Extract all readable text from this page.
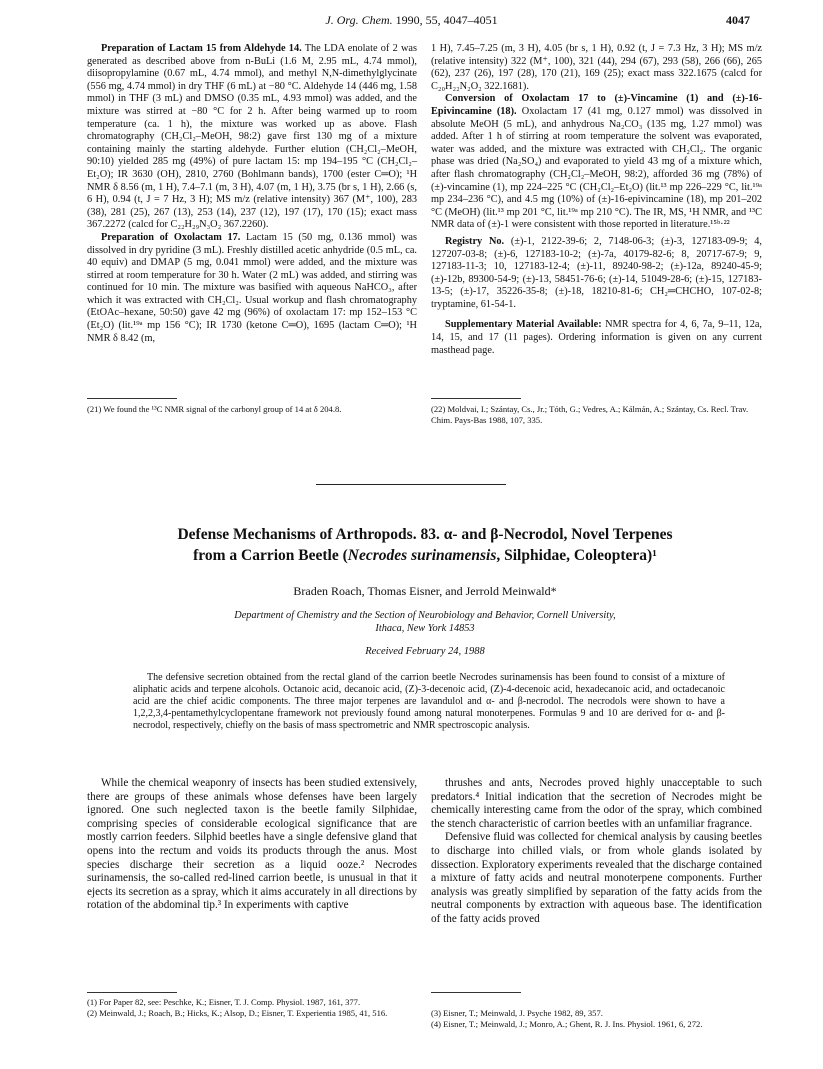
J. Org. Chem. 1990, 55, 4047–4051	4047

Preparation of Lactam 15 from Aldehyde 14. The LDA enolate of 2 was generated as described above from n-BuLi (1.6 M, 2.95 mL, 4.74 mmol), diisopropylamine (0.67 mL, 4.74 mmol), and methyl N,N-dimethylglycinate (556 mg, 4.74 mmol) in dry THF (6 mL) at −80 °C. Aldehyde 14 (446 mg, 1.58 mmol) in THF (3 mL) and DMSO (0.35 mL, 4.93 mmol) was added, and the mixture was stirred at −80 °C for 2 h. After being warmed up to room temperature (ca. 1 h), the mixture was worked up as above. Flash chromatography (CH₂Cl₂–MeOH, 98:2) gave first 130 mg of a mixture containing mainly the starting aldehyde. Further elution (CH₂Cl₂–MeOH, 90:10) yielded 285 mg (49%) of pure lactam 15: mp 194–195 °C (CH₂Cl₂–Et₂O); IR 3630 (OH), 2810, 2760 (Bohlmann bands), 1700 (ester C═O); ¹H NMR δ 8.56 (m, 1 H), 7.4–7.1 (m, 3 H), 4.07 (m, 1 H), 3.75 (br s, 1 H), 2.66 (s, 6 H), 0.94 (t, J = 7 Hz, 3 H); MS m/z (relative intensity) 367 (M⁺, 100), 283 (38), 281 (25), 267 (13), 253 (14), 237 (12), 197 (17), 170 (15); exact mass 367.2272 (calcd for C₂₂H₂₉N₃O₂ 367.2260).

Preparation of Oxolactam 17. Lactam 15 (50 mg, 0.136 mmol) was dissolved in dry pyridine (3 mL). Freshly distilled acetic anhydride (0.5 mL, ca. 40 equiv) and DMAP (5 mg, 0.041 mmol) were added, and the mixture was stirred at room temperature for 30 h. Water (2 mL) was added, and stirring was continued for 10 min. The mixture was basified with aqueous NaHCO₃, after which it was extracted with CH₂Cl₂. Usual workup and flash chromatography (EtOAc–hexane, 50:50) gave 42 mg (96%) of oxolactam 17: mp 152–153 °C (Et₂O) (lit.¹⁹ᵃ mp 156 °C); IR 1730 (ketone C═O), 1695 (lactam C═O); ¹H NMR δ 8.42 (m,

1 H), 7.45–7.25 (m, 3 H), 4.05 (br s, 1 H), 0.92 (t, J = 7.3 Hz, 3 H); MS m/z (relative intensity) 322 (M⁺, 100), 321 (44), 294 (67), 293 (58), 266 (66), 265 (62), 237 (26), 197 (28), 170 (21), 169 (25); exact mass 322.1675 (calcd for C₂₀H₂₂N₂O₂ 322.1681).

Conversion of Oxolactam 17 to (±)-Vincamine (1) and (±)-16-Epivincamine (18). Oxolactam 17 (41 mg, 0.127 mmol) was dissolved in absolute MeOH (5 mL), and anhydrous Na₂CO₃ (135 mg, 1.27 mmol) was added. After 1 h of stirring at room temperature the solvent was evaporated, water was added, and the mixture was extracted with CH₂Cl₂. The organic phase was dried (Na₂SO₄) and evaporated to yield 43 mg of a mixture which, after flash chromatography (CH₂Cl₂–MeOH, 98:2), afforded 36 mg (78%) of (±)-vincamine (1), mp 224–225 °C (CH₂Cl₂–Et₂O) (lit.¹³ mp 226–229 °C, lit.¹⁹ᵃ mp 234–236 °C), and 4.5 mg (10%) of (±)-16-epivincamine (18), mp 201–202 °C (MeOH) (lit.¹³ mp 201 °C, lit.¹⁹ᵃ mp 210 °C). The IR, MS, ¹H NMR, and ¹³C NMR data of (±)-1 were consistent with those reported in literature.¹⁵ᵇ·²²

Registry No. (±)-1, 2122-39-6; 2, 7148-06-3; (±)-3, 127183-09-9; 4, 127207-03-8; (±)-6, 127183-10-2; (±)-7a, 40179-82-6; 8, 20717-67-9; 9, 127183-11-3; 10, 127183-12-4; (±)-11, 89240-98-2; (±)-12a, 89240-45-9; (±)-12b, 89300-54-9; (±)-13, 58451-76-6; (±)-14, 51049-28-6; (±)-15, 127183-13-5; (±)-17, 35226-35-8; (±)-18, 18210-81-6; CH₂═CHCHO, 107-02-8; tryptamine, 61-54-1.

Supplementary Material Available: NMR spectra for 4, 6, 7a, 9–11, 12a, 14, 15, and 17 (11 pages). Ordering information is given on any current masthead page.

(21) We found the ¹³C NMR signal of the carbonyl group of 14 at δ 204.8.	(22) Moldvai, I.; Szántay, Cs., Jr.; Tóth, G.; Vedres, A.; Kálmán, A.; Szántay, Cs. Recl. Trav. Chim. Pays-Bas 1988, 107, 335.

Defense Mechanisms of Arthropods. 83. α- and β-Necrodol, Novel Terpenes
from a Carrion Beetle (Necrodes surinamensis, Silphidae, Coleoptera)¹
Braden Roach, Thomas Eisner, and Jerrold Meinwald*
Department of Chemistry and the Section of Neurobiology and Behavior, Cornell University,
Ithaca, New York 14853
Received February 24, 1988

The defensive secretion obtained from the rectal gland of the carrion beetle Necrodes surinamensis has been found to consist of a mixture of aliphatic acids and terpene alcohols. Octanoic acid, decanoic acid, (Z)-3-decenoic acid, (Z)-4-decenoic acid, hexadecanoic acid, and octadecanoic acid are the chief acidic components. The three major terpenes are lavandulol and α- and β-necrodol. The necrodols were shown to have a 1,2,2,3,4-pentamethylcyclopentane framework not previously found among natural monoterpenes. Formulas 9 and 10 are derived for α- and β-necrodol, respectively, chiefly on the basis of mass spectrometric and NMR spectroscopic analysis.

While the chemical weaponry of insects has been studied extensively, there are groups of these animals whose defenses have been largely ignored. One such neglected taxon is the beetle family Silphidae, comprising species of considerable ecological significance that are mostly carrion feeders. Silphid beetles have a single defensive gland that opens into the rectum and voids its products through the anus. Most species discharge their secretion as a liquid ooze.² Necrodes surinamensis, the so-called red-lined carrion beetle, is unusual in that it ejects its secretion as a spray, which it aims accurately in all directions by rotation of the abdominal tip.³ In experiments with captive

thrushes and ants, Necrodes proved highly unacceptable to such predators.⁴ Initial indication that the secretion of Necrodes might be chemically interesting came from the odor of the spray, which combined the stench characteristic of carrion beetles with an unfamiliar fragrance.

Defensive fluid was collected for chemical analysis by causing beetles to discharge into chilled vials, or from whole glands isolated by dissection. Exploratory experiments revealed that the discharge contained a mixture of fatty acids and neutral monoterpene components. Further analysis was greatly simplified by separation of the fatty acids from the neutral components by extraction with aqueous base. The identification of the fatty acids proved

(1) For Paper 82, see: Peschke, K.; Eisner, T. J. Comp. Physiol. 1987, 161, 377.

(2) Meinwald, J.; Roach, B.; Hicks, K.; Alsop, D.; Eisner, T. Experientia 1985, 41, 516.	(3) Eisner, T.; Meinwald, J. Psyche 1982, 89, 357.

(4) Eisner, T.; Meinwald, J.; Monro, A.; Ghent, R. J. Ins. Physiol. 1961, 6, 272.
